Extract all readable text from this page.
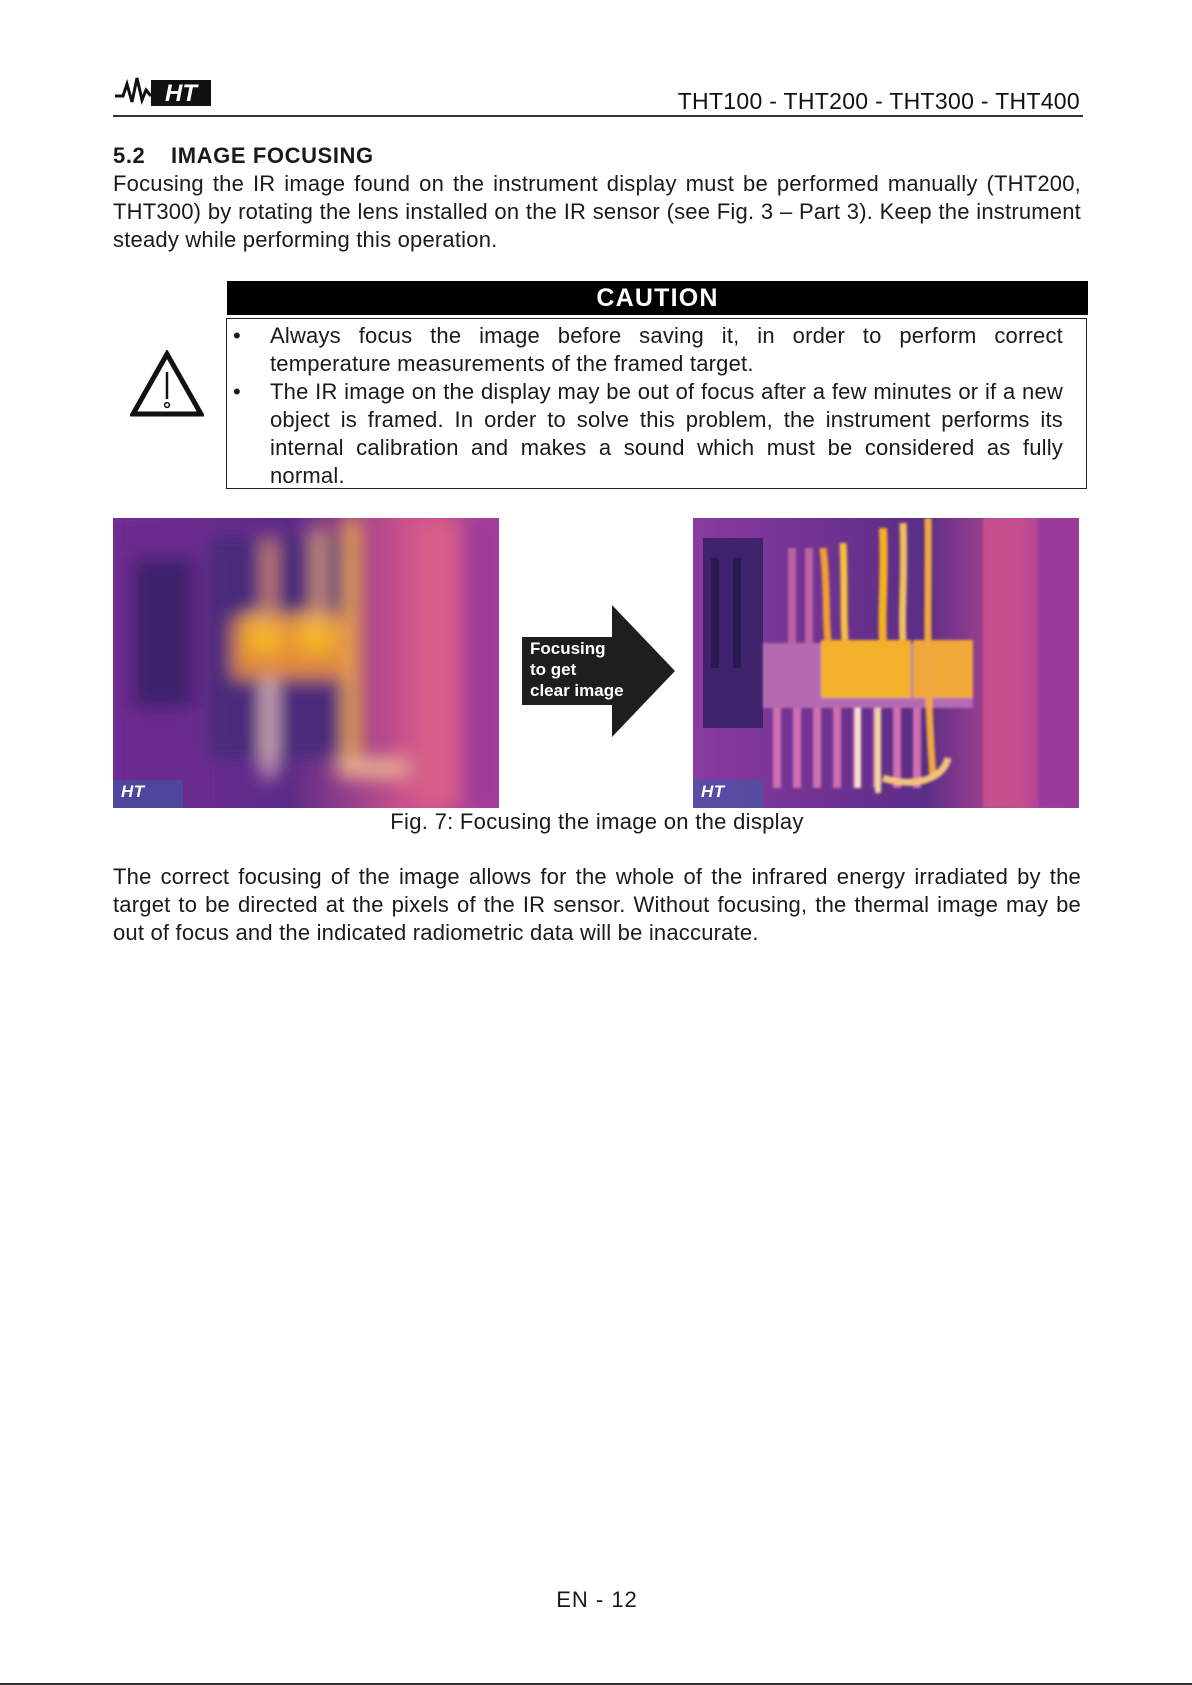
HT	THT100 - THT200 - THT300 - THT400
5.2 IMAGE FOCUSING
Focusing the IR image found on the instrument display must be performed manually (THT200, THT300) by rotating the lens installed on the IR sensor (see Fig. 3 – Part 3). Keep the instrument steady while performing this operation.
CAUTION
•	Always focus the image before saving it, in order to perform correct temperature measurements of the framed target.
•	The IR image on the display may be out of focus after a few minutes or if a new object is framed. In order to solve this problem, the instrument performs its internal calibration and makes a sound which must be considered as fully normal.
HT
Focusing
to get
clear image
HT
Fig. 7: Focusing the image on the display
The correct focusing of the image allows for the whole of the infrared energy irradiated by the target to be directed at the pixels of the IR sensor. Without focusing, the thermal image may be out of focus and the indicated radiometric data will be inaccurate.
EN - 12
